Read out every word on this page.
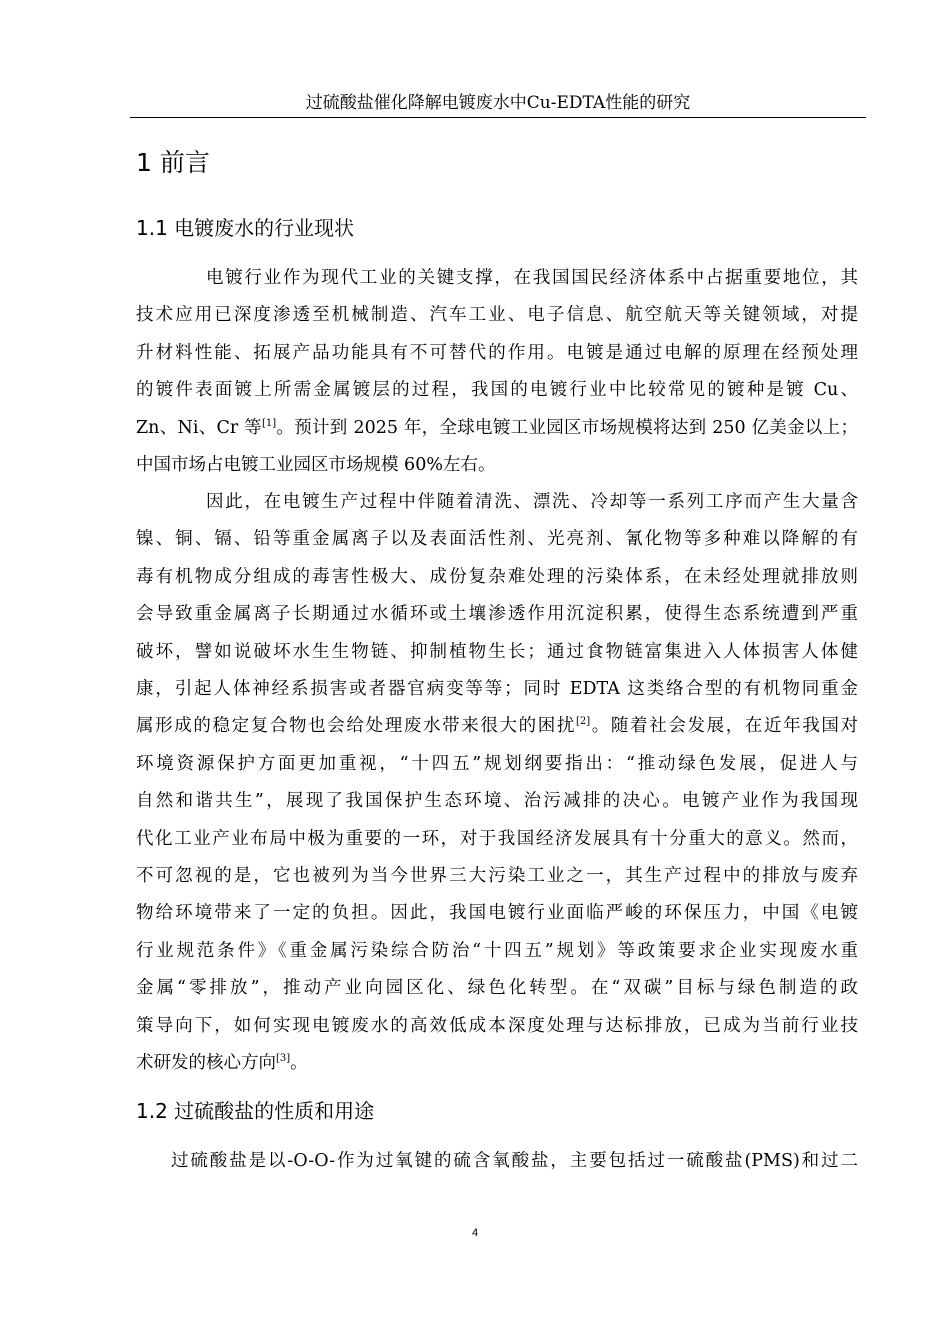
过硫酸盐催化降解电镀废水中Cu-EDTA性能的研究
1 前言
1.1 电镀废水的行业现状
电镀行业作为现代工业的关键支撑，在我国国民经济体系中占据重要地位，其
技术应用已深度渗透至机械制造、汽车工业、电子信息、航空航天等关键领域，对提
升材料性能、拓展产品功能具有不可替代的作用。电镀是通过电解的原理在经预处理
的镀件表面镀上所需金属镀层的过程，我国的电镀行业中比较常见的镀种是镀 Cu、
Zn、Ni、Cr 等[1]。预计到 2025 年，全球电镀工业园区市场规模将达到 250 亿美金以上；
中国市场占电镀工业园区市场规模 60%左右。
因此，在电镀生产过程中伴随着清洗、漂洗、冷却等一系列工序而产生大量含
镍、铜、镉、铅等重金属离子以及表面活性剂、光亮剂、氰化物等多种难以降解的有
毒有机物成分组成的毒害性极大、成份复杂难处理的污染体系，在未经处理就排放则
会导致重金属离子长期通过水循环或土壤渗透作用沉淀积累，使得生态系统遭到严重
破坏，譬如说破坏水生生物链、抑制植物生长；通过食物链富集进入人体损害人体健
康，引起人体神经系损害或者器官病变等等；同时 EDTA 这类络合型的有机物同重金
属形成的稳定复合物也会给处理废水带来很大的困扰[2]。随着社会发展，在近年我国对
环境资源保护方面更加重视，“十四五”规划纲要指出：“推动绿色发展，促进人与
自然和谐共生”，展现了我国保护生态环境、治污减排的决心。电镀产业作为我国现
代化工业产业布局中极为重要的一环，对于我国经济发展具有十分重大的意义。然而，
不可忽视的是，它也被列为当今世界三大污染工业之一，其生产过程中的排放与废弃
物给环境带来了一定的负担。因此，我国电镀行业面临严峻的环保压力，中国《电镀
行业规范条件》《重金属污染综合防治“十四五”规划》等政策要求企业实现废水重
金属“零排放”，推动产业向园区化、绿色化转型。在“双碳”目标与绿色制造的政
策导向下，如何实现电镀废水的高效低成本深度处理与达标排放，已成为当前行业技
术研发的核心方向[3]。
1.2 过硫酸盐的性质和用途
过硫酸盐是以-O-O-作为过氧键的硫含氧酸盐，主要包括过一硫酸盐(PMS)和过二
4
